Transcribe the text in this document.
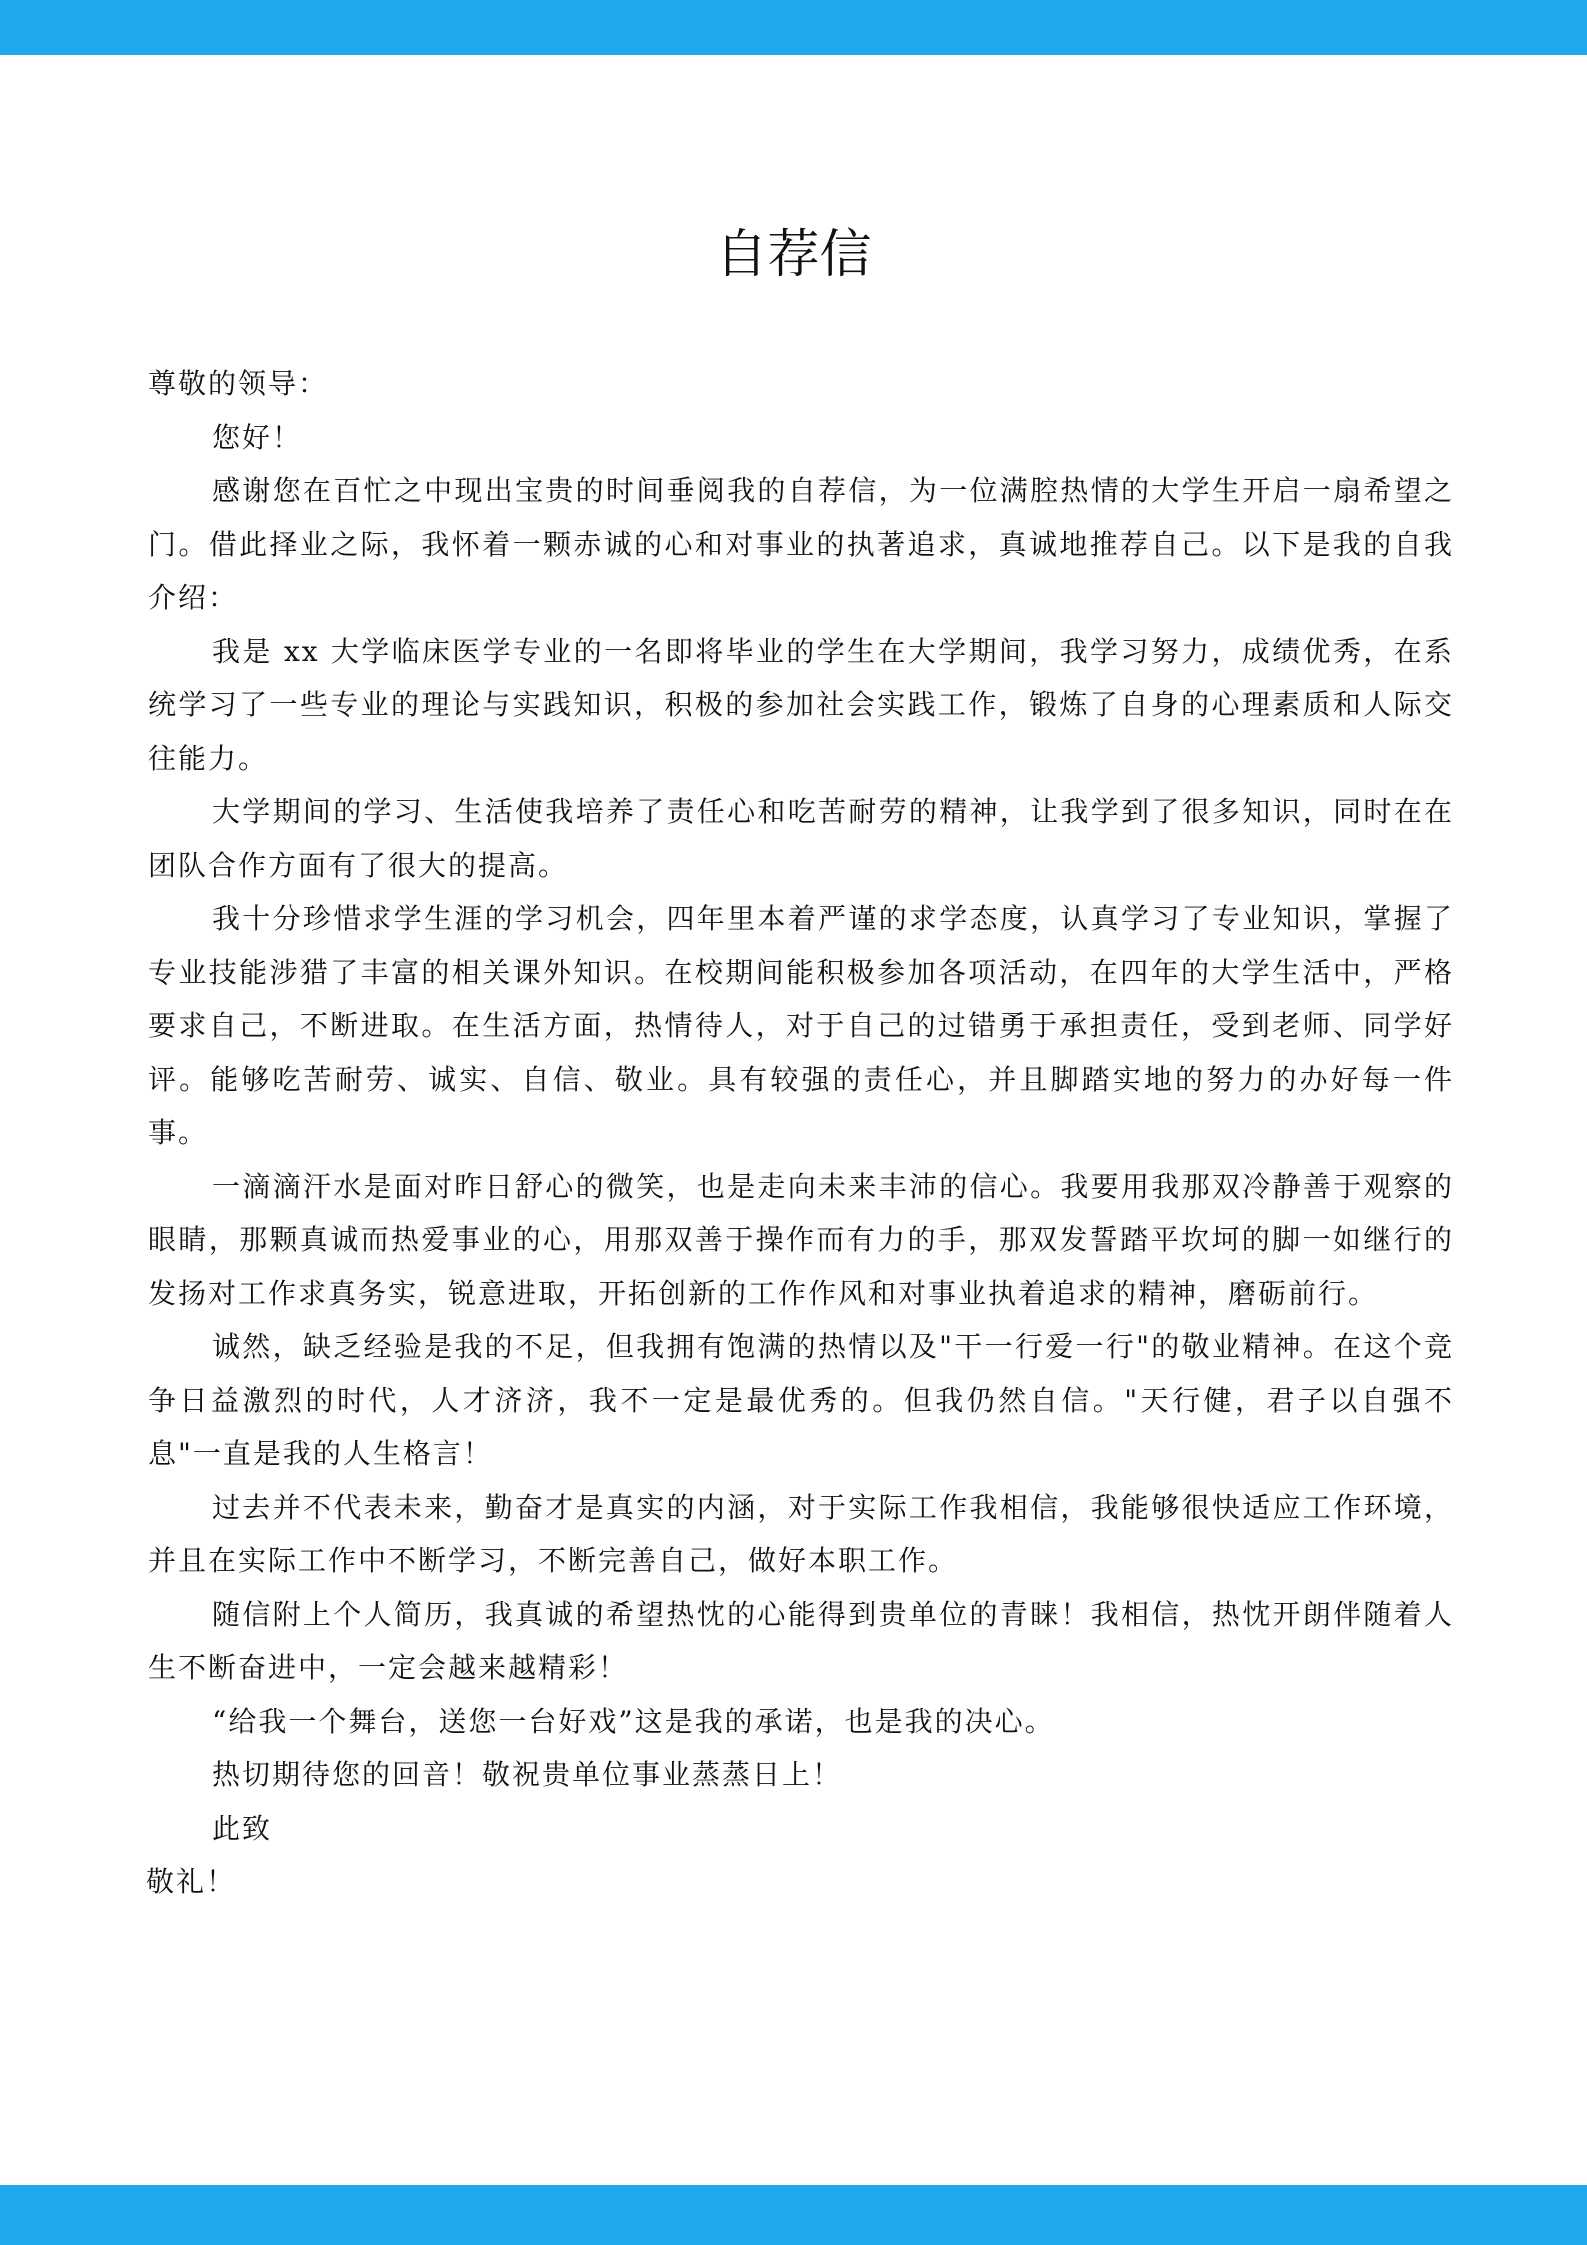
自荐信

尊敬的领导：

您好！

感谢您在百忙之中现出宝贵的时间垂阅我的自荐信，为一位满腔热情的大学生开启一扇希望之门。借此择业之际，我怀着一颗赤诚的心和对事业的执著追求，真诚地推荐自己。以下是我的自我介绍：

我是 xx 大学临床医学专业的一名即将毕业的学生在大学期间，我学习努力，成绩优秀，在系统学习了一些专业的理论与实践知识，积极的参加社会实践工作，锻炼了自身的心理素质和人际交往能力。

大学期间的学习、生活使我培养了责任心和吃苦耐劳的精神，让我学到了很多知识，同时在在团队合作方面有了很大的提高。

我十分珍惜求学生涯的学习机会，四年里本着严谨的求学态度，认真学习了专业知识，掌握了专业技能涉猎了丰富的相关课外知识。在校期间能积极参加各项活动，在四年的大学生活中，严格要求自己，不断进取。在生活方面，热情待人，对于自己的过错勇于承担责任，受到老师、同学好评。能够吃苦耐劳、诚实、自信、敬业。具有较强的责任心，并且脚踏实地的努力的办好每一件事。

一滴滴汗水是面对昨日舒心的微笑，也是走向未来丰沛的信心。我要用我那双冷静善于观察的眼睛，那颗真诚而热爱事业的心，用那双善于操作而有力的手，那双发誓踏平坎坷的脚一如继行的发扬对工作求真务实，锐意进取，开拓创新的工作作风和对事业执着追求的精神，磨砺前行。

诚然，缺乏经验是我的不足，但我拥有饱满的热情以及"干一行爱一行"的敬业精神。在这个竞争日益激烈的时代，人才济济，我不一定是最优秀的。但我仍然自信。"天行健，君子以自强不息"一直是我的人生格言！

过去并不代表未来，勤奋才是真实的内涵，对于实际工作我相信，我能够很快适应工作环境，并且在实际工作中不断学习，不断完善自己，做好本职工作。

随信附上个人简历，我真诚的希望热忱的心能得到贵单位的青睐！我相信，热忱开朗伴随着人生不断奋进中，一定会越来越精彩！

“给我一个舞台，送您一台好戏”这是我的承诺，也是我的决心。

热切期待您的回音！敬祝贵单位事业蒸蒸日上！

此致

敬礼！
